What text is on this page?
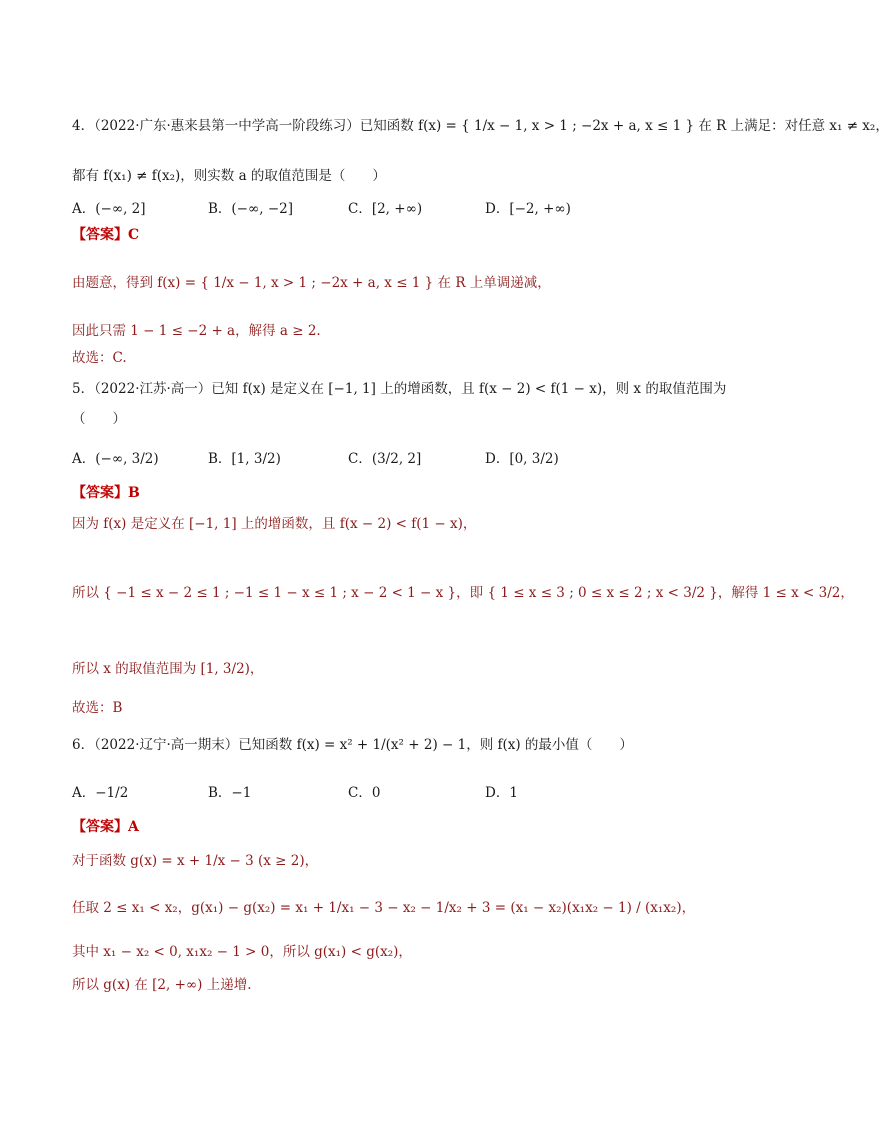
4．（2022·广东·惠来县第一中学高一阶段练习）已知函数 f(x) = { 1/x − 1, x > 1 ; −2x + a, x ≤ 1 } 在 R 上满足：对任意 x₁ ≠ x₂，
都有 f(x₁) ≠ f(x₂)，则实数 a 的取值范围是（　　）
A．(−∞, 2]	B．(−∞, −2]	C．[2, +∞)	D．[−2, +∞)
【答案】C
由题意，得到 f(x) = { 1/x − 1, x > 1 ; −2x + a, x ≤ 1 } 在 R 上单调递减，
因此只需 1 − 1 ≤ −2 + a，解得 a ≥ 2.
故选：C.
5．（2022·江苏·高一）已知 f(x) 是定义在 [−1, 1] 上的增函数，且 f(x − 2) < f(1 − x)，则 x 的取值范围为
（　　）
A．(−∞, 3/2)	B．[1, 3/2)	C．(3/2, 2]	D．[0, 3/2)
【答案】B
因为 f(x) 是定义在 [−1, 1] 上的增函数，且 f(x − 2) < f(1 − x)，
所以 { −1 ≤ x − 2 ≤ 1 ; −1 ≤ 1 − x ≤ 1 ; x − 2 < 1 − x }，即 { 1 ≤ x ≤ 3 ; 0 ≤ x ≤ 2 ; x < 3/2 }，解得 1 ≤ x < 3/2，
所以 x 的取值范围为 [1, 3/2)，
故选：B
6．（2022·辽宁·高一期末）已知函数 f(x) = x² + 1/(x² + 2) − 1，则 f(x) 的最小值（　　）
A．−1/2	B．−1	C．0	D．1
【答案】A
对于函数 g(x) = x + 1/x − 3 (x ≥ 2)，
任取 2 ≤ x₁ < x₂，g(x₁) − g(x₂) = x₁ + 1/x₁ − 3 − x₂ − 1/x₂ + 3 = (x₁ − x₂)(x₁x₂ − 1) / (x₁x₂)，
其中 x₁ − x₂ < 0, x₁x₂ − 1 > 0，所以 g(x₁) < g(x₂)，
所以 g(x) 在 [2, +∞) 上递增.
